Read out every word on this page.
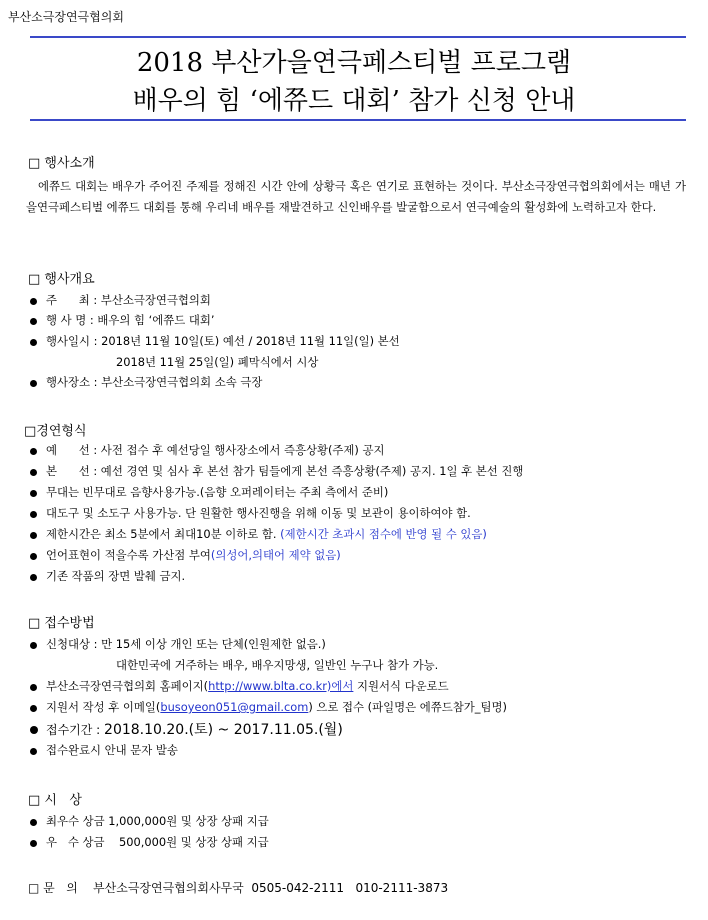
부산소극장연극협의회
2018 부산가을연극페스티벌 프로그램
배우의 힘 ‘에쮸드 대회’ 참가 신청 안내
□ 행사소개
에쮸드 대회는 배우가 주어진 주제를 정해진 시간 안에 상황극 혹은 연기로 표현하는 것이다. 부산소극장연극협의회에서는 매년 가을연극페스티벌 에쮸드 대회를 통해 우리네 배우를 재발견하고 신인배우를 발굴함으로서 연극예술의 활성화에 노력하고자 한다.
□ 행사개요
주      최 : 부산소극장연극협의회
행 사 명 : 배우의 힘 ‘에쮸드 대회’
행사일시 : 2018년 11월 10일(토) 예선 / 2018년 11월 11일(일) 본선
2018년 11월 25일(일) 폐막식에서 시상
행사장소 : 부산소극장연극협의회 소속 극장
□경연형식
예      선 : 사전 접수 후 예선당일 행사장소에서 즉흥상황(주제) 공지
본      선 : 예선 경연 및 심사 후 본선 참가 팀들에게 본선 즉흥상황(주제) 공지. 1일 후 본선 진행
무대는 빈무대로 음향사용가능.(음향 오퍼레이터는 주최 측에서 준비)
대도구 및 소도구 사용가능. 단 원활한 행사진행을 위해 이동 및 보관이 용이하여야 함.
제한시간은 최소 5분에서 최대10분 이하로 함. (제한시간 초과시 점수에 반영 될 수 있음)
언어표현이 적을수록 가산점 부여(의성어,의태어 제약 없음)
기존 작품의 장면 발췌 금지.
□ 접수방법
신청대상 : 만 15세 이상 개인 또는 단체(인원제한 없음.)
대한민국에 거주하는 배우, 배우지망생, 일반인 누구나 참가 가능.
부산소극장연극협의회 홈페이지(http://www.blta.co.kr)에서 지원서식 다운로드
지원서 작성 후 이메일(busoyeon051@gmail.com) 으로 접수 (파일명은 에쮸드참가_팀명)
접수기간 : 2018.10.20.(토) ~ 2017.11.05.(월)
접수완료시 안내 문자 발송
□ 시   상
최우수 상금 1,000,000원 및 상장 상패 지급
우   수 상금    500,000원 및 상장 상패 지급
□ 문   의    부산소극장연극협의회사무국  0505-042-2111   010-2111-3873
